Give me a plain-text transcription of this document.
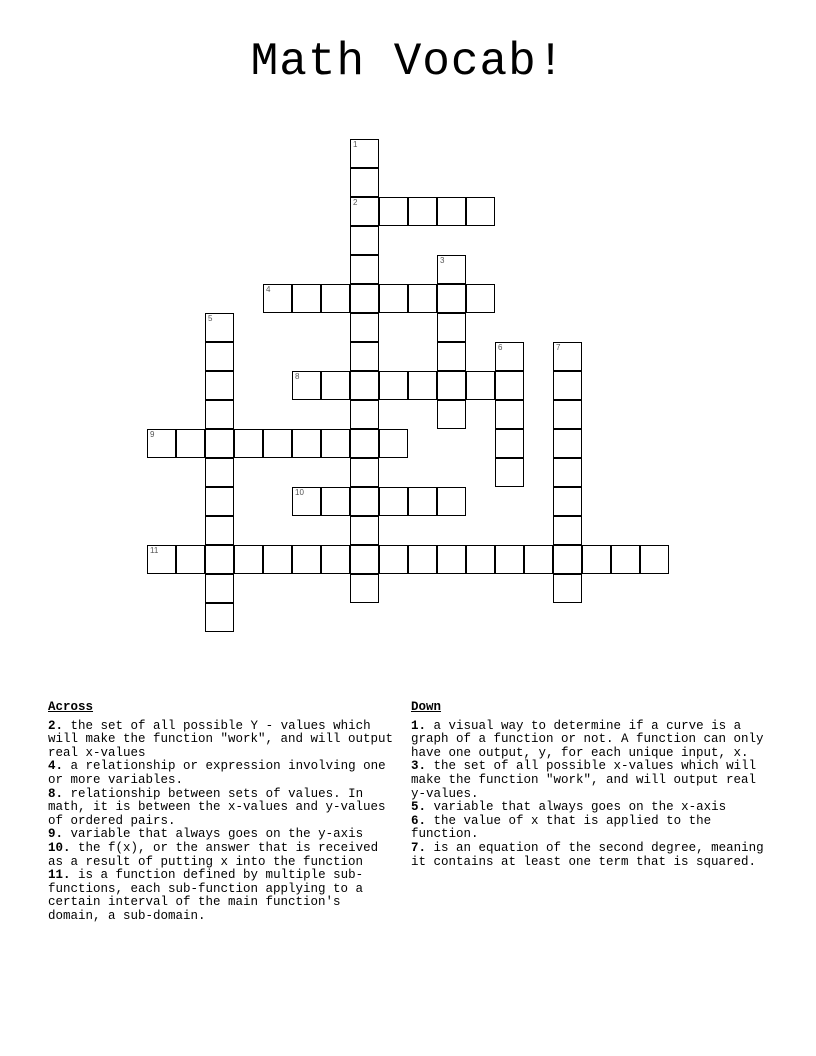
Math Vocab!
1
2
3
4
5
6	7
8
9
10
11
Across
2. the set of all possible Y - values which will make the function "work", and will output real x-values
4. a relationship or expression involving one or more variables.
8. relationship between sets of values. In math, it is between the x-values and y-values of ordered pairs.
9. variable that always goes on the y-axis
10. the f(x), or the answer that is received as a result of putting x into the function
11. is a function defined by multiple sub-functions, each sub-function applying to a certain interval of the main function's domain, a sub-domain.
Down
1. a visual way to determine if a curve is a graph of a function or not. A function can only have one output, y, for each unique input, x.
3. the set of all possible x-values which will make the function "work", and will output real y-values.
5. variable that always goes on the x-axis
6. the value of x that is applied to the function.
7. is an equation of the second degree, meaning it contains at least one term that is squared.
